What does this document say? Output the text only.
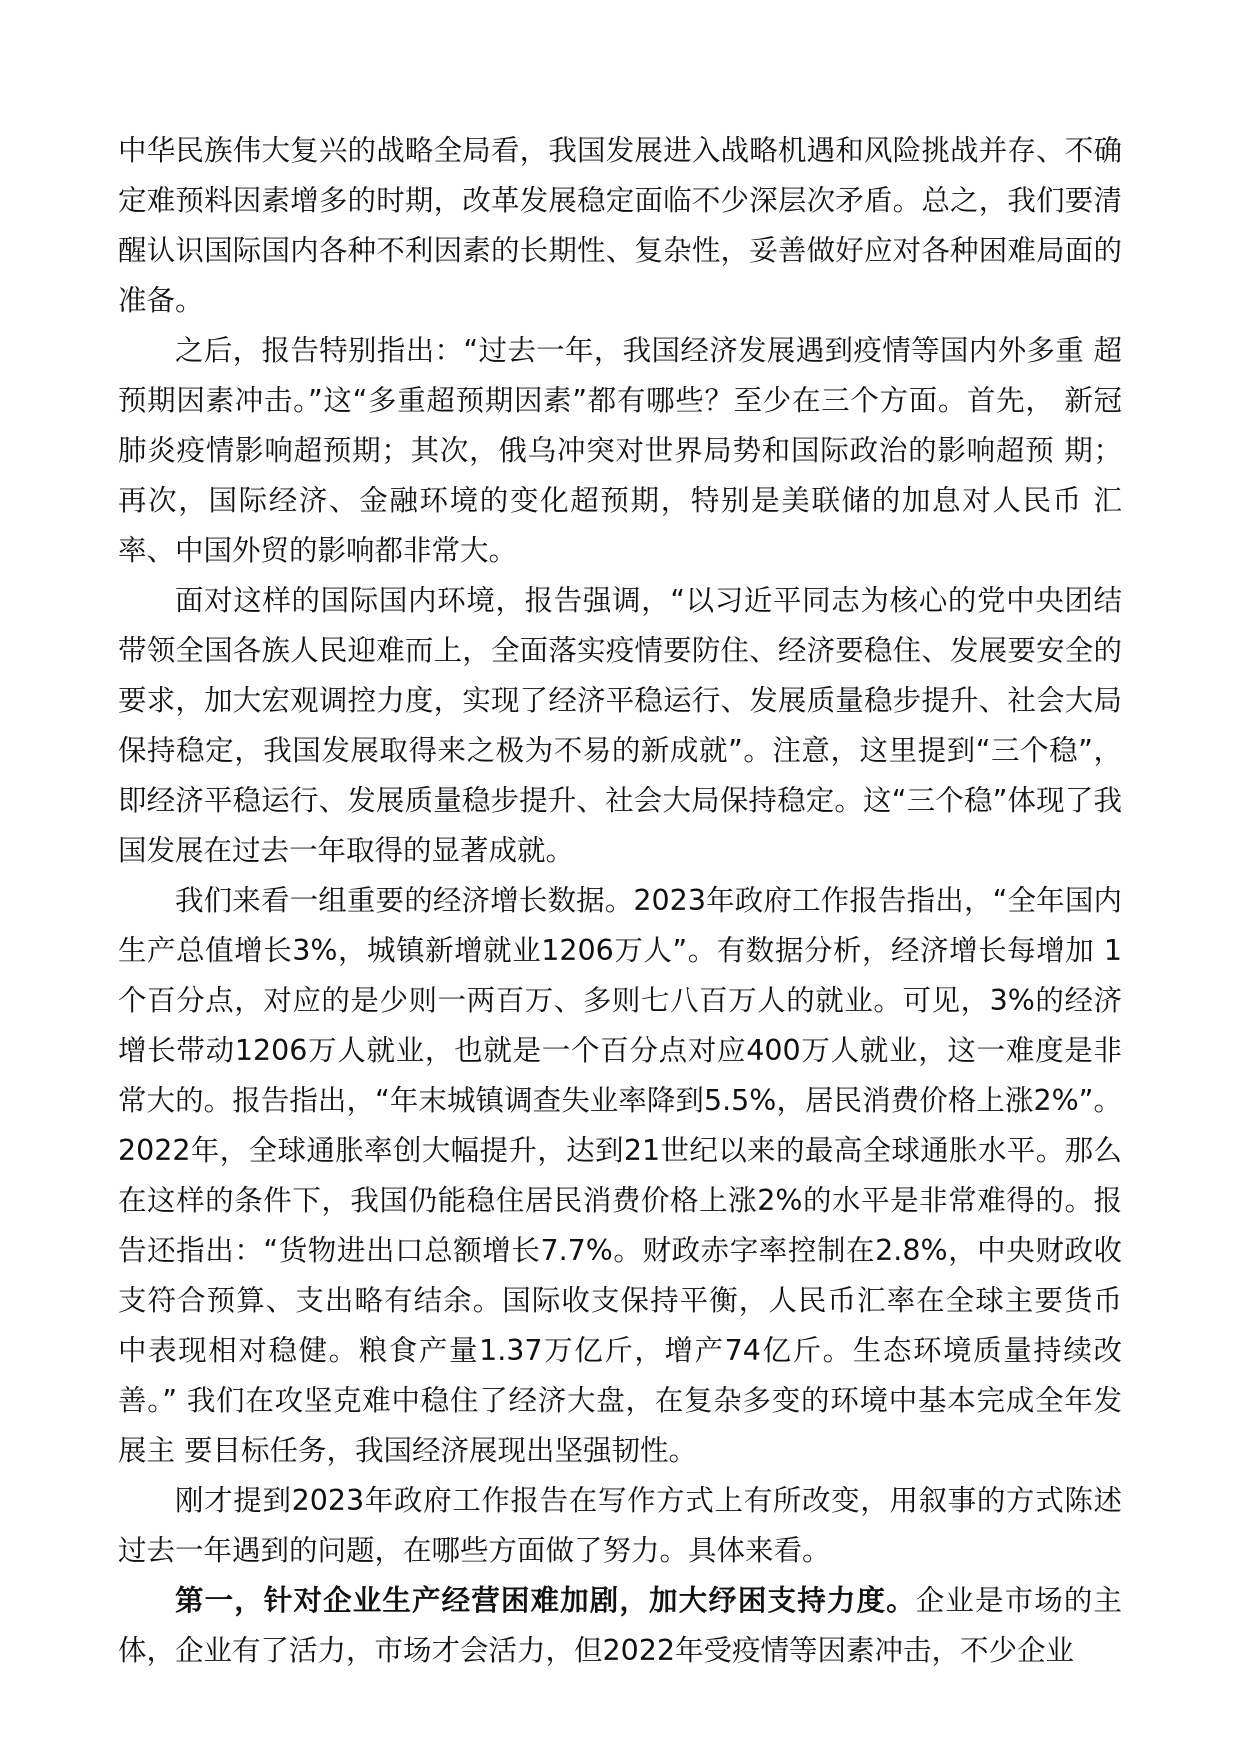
中华民族伟大复兴的战略全局看，我国发展进入战略机遇和风险挑战并存、不确定难预料因素增多的时期，改革发展稳定面临不少深层次矛盾。总之，我们要清醒认识国际国内各种不利因素的长期性、复杂性，妥善做好应对各种困难局面的准备。

之后，报告特别指出：“过去一年，我国经济发展遇到疫情等国内外多重 超预期因素冲击。”这“多重超预期因素”都有哪些？至少在三个方面。首先， 新冠肺炎疫情影响超预期；其次，俄乌冲突对世界局势和国际政治的影响超预 期；再次，国际经济、金融环境的变化超预期，特别是美联储的加息对人民币 汇率、中国外贸的影响都非常大。

面对这样的国际国内环境，报告强调，“以习近平同志为核心的党中央团结带领全国各族人民迎难而上，全面落实疫情要防住、经济要稳住、发展要安全的要求，加大宏观调控力度，实现了经济平稳运行、发展质量稳步提升、社会大局保持稳定，我国发展取得来之极为不易的新成就”。注意，这里提到“三个稳”，即经济平稳运行、发展质量稳步提升、社会大局保持稳定。这“三个稳”体现了我国发展在过去一年取得的显著成就。

我们来看一组重要的经济增长数据。2023年政府工作报告指出，“全年国内生产总值增长3%，城镇新增就业1206万人”。有数据分析，经济增长每增加 1 个百分点，对应的是少则一两百万、多则七八百万人的就业。可见，3%的经济 增长带动1206万人就业，也就是一个百分点对应400万人就业，这一难度是非常大的。报告指出，“年末城镇调查失业率降到5.5%，居民消费价格上涨2%”。2022年，全球通胀率创大幅提升，达到21世纪以来的最高全球通胀水平。那么 在这样的条件下，我国仍能稳住居民消费价格上涨2%的水平是非常难得的。报 告还指出：“货物进出口总额增长7.7%。财政赤字率控制在2.8%，中央财政收 支符合预算、支出略有结余。国际收支保持平衡，人民币汇率在全球主要货币 中表现相对稳健。粮食产量1.37万亿斤，增产74亿斤。生态环境质量持续改善。” 我们在攻坚克难中稳住了经济大盘，在复杂多变的环境中基本完成全年发展主 要目标任务，我国经济展现出坚强韧性。

刚才提到2023年政府工作报告在写作方式上有所改变，用叙事的方式陈述过去一年遇到的问题，在哪些方面做了努力。具体来看。

第一，针对企业生产经营困难加剧，加大纾困支持力度。企业是市场的主体，企业有了活力，市场才会活力，但2022年受疫情等因素冲击，不少企业
